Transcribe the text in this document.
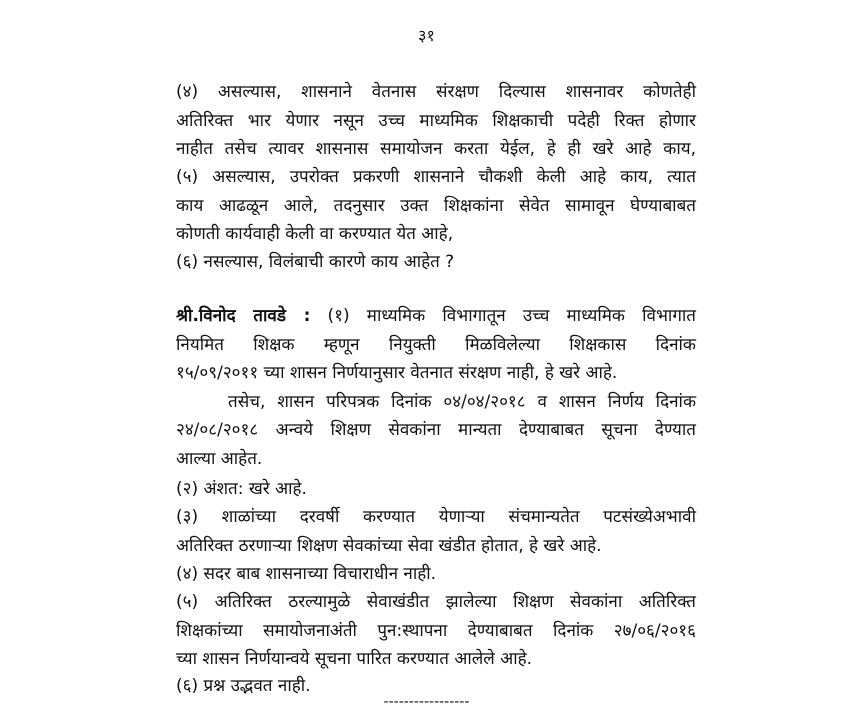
३१
(४) असल्यास, शासनाने वेतनास संरक्षण दिल्यास शासनावर कोणतेही
अतिरिक्त भार येणार नसून उच्च माध्यमिक शिक्षकाची पदेही रिक्त होणार
नाहीत तसेच त्यावर शासनास समायोजन करता येईल, हे ही खरे आहे काय,
(५) असल्यास, उपरोक्त प्रकरणी शासनाने चौकशी केली आहे काय, त्यात
काय आढळून आले, तदनुसार उक्त शिक्षकांना सेवेत सामावून घेण्याबाबत
कोणती कार्यवाही केली वा करण्यात येत आहे,
(६) नसल्यास, विलंबाची कारणे काय आहेत ?
श्री.विनोद तावडे : (१) माध्यमिक विभागातून उच्च माध्यमिक विभागात
नियमित शिक्षक म्हणून नियुक्ती मिळविलेल्या शिक्षकास दिनांक
१५/०९/२०११ च्या शासन निर्णयानुसार वेतनात संरक्षण नाही, हे खरे आहे.
तसेच, शासन परिपत्रक दिनांक ०४/०४/२०१८ व शासन निर्णय दिनांक
२४/०८/२०१८ अन्वये शिक्षण सेवकांना मान्यता देण्याबाबत सूचना देण्यात
आल्या आहेत.
(२) अंशत: खरे आहे.
(३) शाळांच्या दरवर्षी करण्यात येणाऱ्या संचमान्यतेत पटसंख्येअभावी
अतिरिक्त ठरणाऱ्या शिक्षण सेवकांच्या सेवा खंडीत होतात, हे खरे आहे.
(४) सदर बाब शासनाच्या विचाराधीन नाही.
(५) अतिरिक्त ठरल्यामुळे सेवाखंडीत झालेल्या शिक्षण सेवकांना अतिरिक्त
शिक्षकांच्या समायोजनाअंती पुन:स्थापना देण्याबाबत दिनांक २७/०६/२०१६
च्या शासन निर्णयान्वये सूचना पारित करण्यात आलेले आहे.
(६) प्रश्न उद्भवत नाही.
-----------------
